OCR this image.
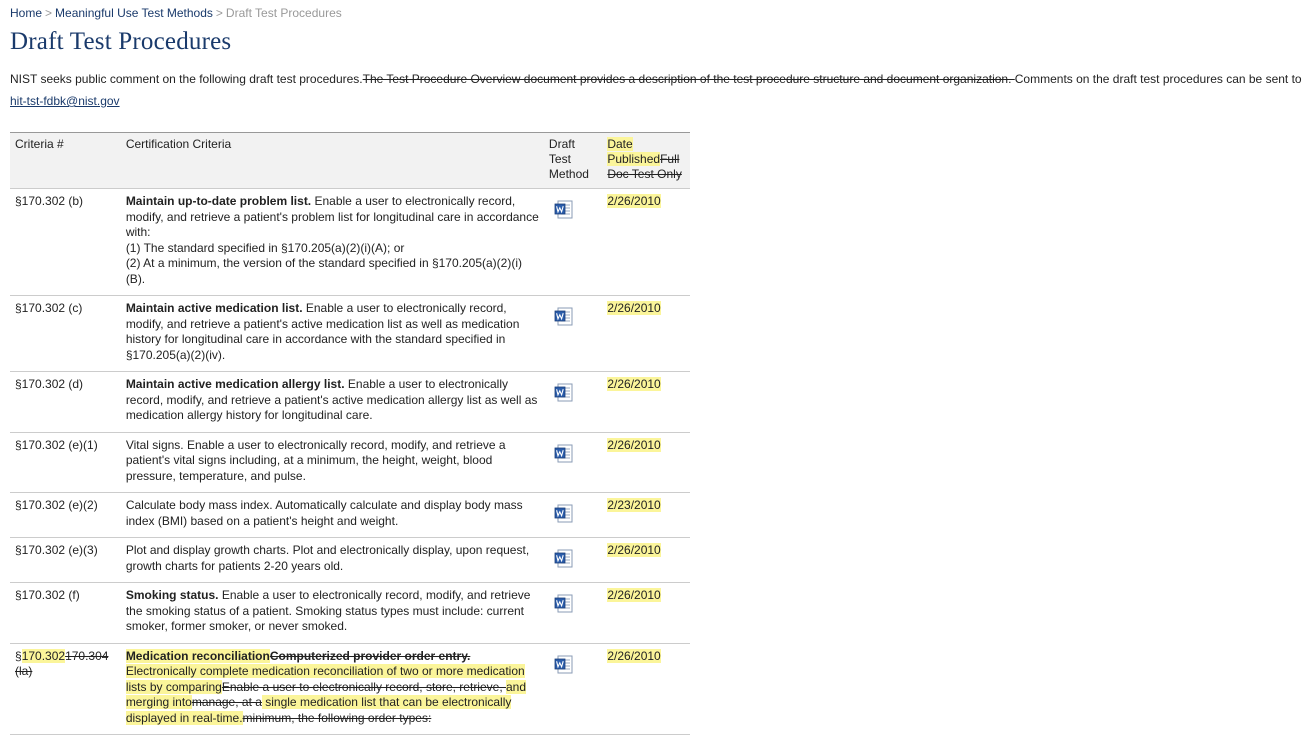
Home > Meaningful Use Test Methods > Draft Test Procedures
Draft Test Procedures
NIST seeks public comment on the following draft test procedures.The Test Procedure Overview document provides a description of the test procedure structure and document organization. Comments on the draft test procedures can be sent to
hit-tst-fdbk@nist.gov
Criteria #	Certification Criteria	Draft Test Method	Date PublishedFull Doc Test Only
§170.302 (b)	Maintain up-to-date problem list. Enable a user to electronically record, modify, and retrieve a patient's problem list for longitudinal care in accordance with:
(1) The standard specified in §170.205(a)(2)(i)(A); or
(2) At a minimum, the version of the standard specified in §170.205(a)(2)(i)(B).		2/26/2010
§170.302 (c)	Maintain active medication list. Enable a user to electronically record, modify, and retrieve a patient's active medication list as well as medication history for longitudinal care in accordance with the standard specified in §170.205(a)(2)(iv).		2/26/2010
§170.302 (d)	Maintain active medication allergy list. Enable a user to electronically record, modify, and retrieve a patient's active medication allergy list as well as medication allergy history for longitudinal care.		2/26/2010
§170.302 (e)(1)	Vital signs. Enable a user to electronically record, modify, and retrieve a patient's vital signs including, at a minimum, the height, weight, blood pressure, temperature, and pulse.		2/26/2010
§170.302 (e)(2)	Calculate body mass index. Automatically calculate and display body mass index (BMI) based on a patient's height and weight.		2/23/2010
§170.302 (e)(3)	Plot and display growth charts. Plot and electronically display, upon request, growth charts for patients 2-20 years old.		2/26/2010
§170.302 (f)	Smoking status. Enable a user to electronically record, modify, and retrieve the smoking status of a patient. Smoking status types must include: current smoker, former smoker, or never smoked.		2/26/2010
§170.302170.304
(la)	Medication reconciliationComputerized provider order entry.
Electronically complete medication reconciliation of two or more medication lists by comparingEnable a user to electronically record, store, retrieve, and merging intomanage, at a single medication list that can be electronically displayed in real-time.minimum, the following order types:		2/26/2010
